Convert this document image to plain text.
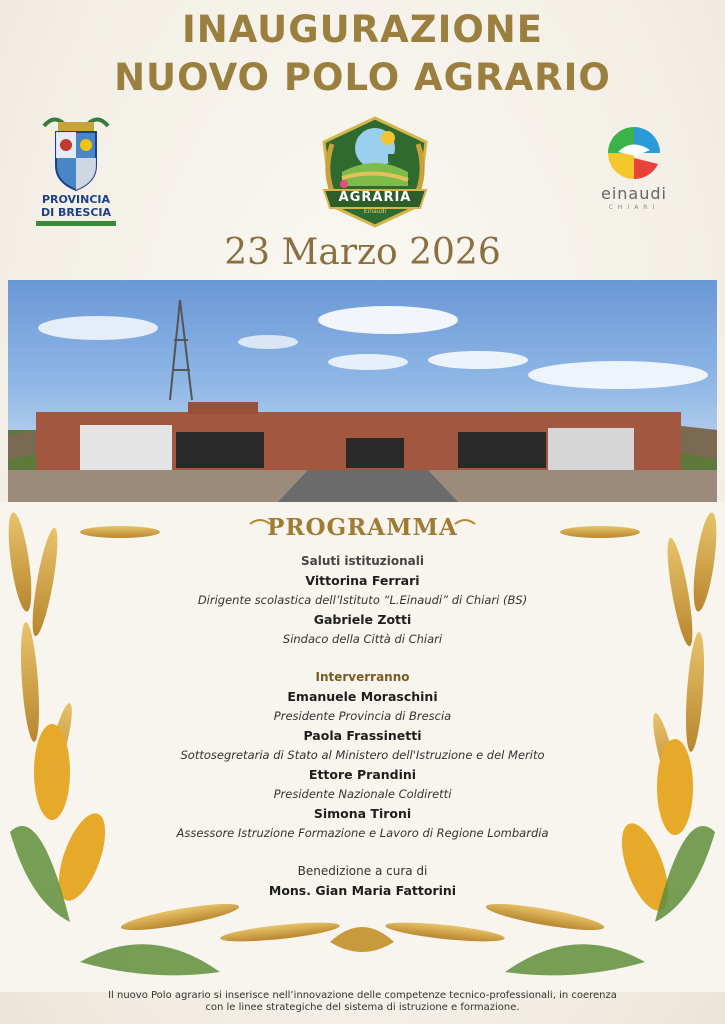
INAUGURAZIONE
NUOVO POLO AGRARIO
PROVINCIA
DI BRESCIA
AGRARIA
Einaudi
einaudi
CHIARI
23 Marzo 2026
PROGRAMMA
Saluti istituzionali
Vittorina Ferrari
Dirigente scolastica dell’Istituto “L.Einaudi” di Chiari (BS)
Gabriele Zotti
Sindaco della Città di Chiari
Interverranno
Emanuele Moraschini
Presidente Provincia di Brescia
Paola Frassinetti
Sottosegretaria di Stato al Ministero dell'Istruzione e del Merito
Ettore Prandini
Presidente Nazionale Coldiretti
Simona Tironi
Assessore Istruzione Formazione e Lavoro di Regione Lombardia
Benedizione a cura di
Mons. Gian Maria Fattorini
Il nuovo Polo agrario si inserisce nell’innovazione delle competenze tecnico-professionali, in coerenza
con le linee strategiche del sistema di istruzione e formazione.
